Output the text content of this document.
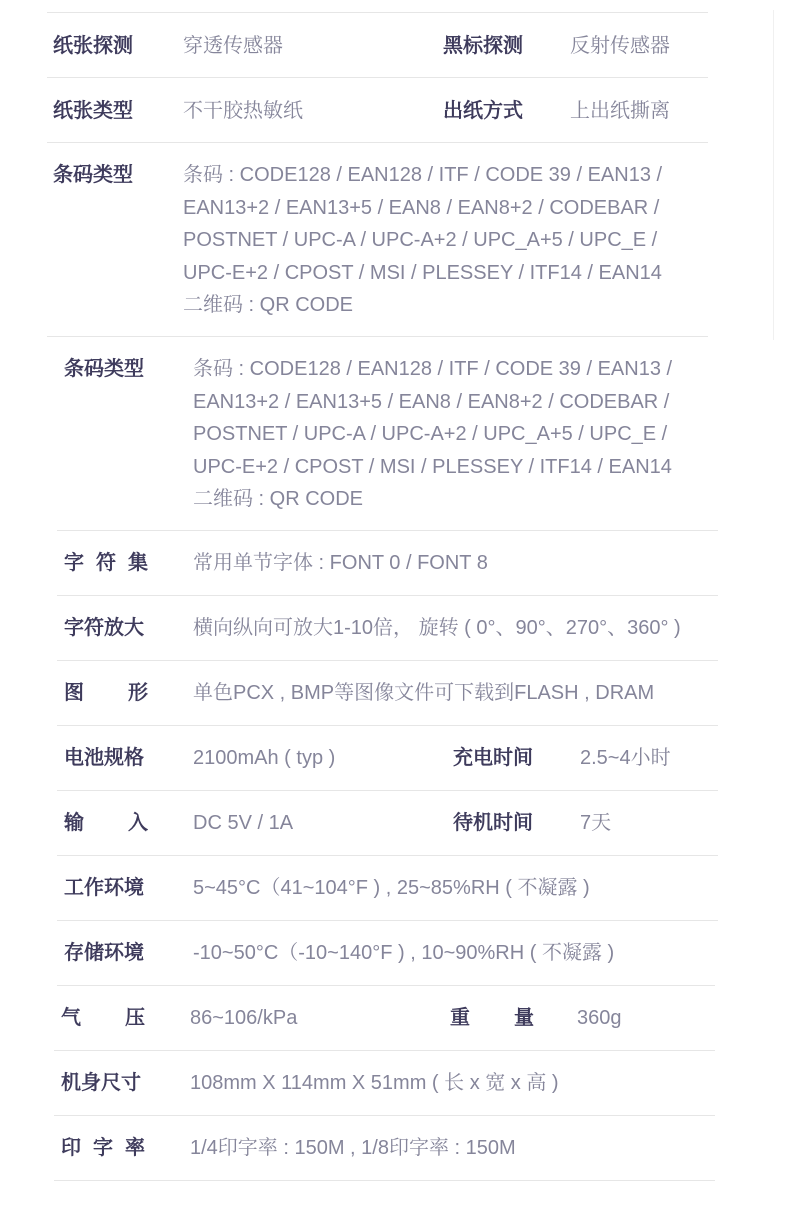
纸张探测	穿透传感器	黑标探测 反射传感器
纸张类型	不干胶热敏纸	出纸方式 上出纸撕离
条码类型	条码 : CODE128 / EAN128 / ITF / CODE 39 / EAN13 /
EAN13+2 / EAN13+5 / EAN8 / EAN8+2 / CODEBAR /
POSTNET / UPC-A / UPC-A+2 / UPC_A+5 / UPC_E /
UPC-E+2 / CPOST / MSI / PLESSEY / ITF14 / EAN14
二维码 : QR CODE
条码类型 条码 : CODE128 / EAN128 / ITF / CODE 39 / EAN13 /
EAN13+2 / EAN13+5 / EAN8 / EAN8+2 / CODEBAR /
POSTNET / UPC-A / UPC-A+2 / UPC_A+5 / UPC_E /
UPC-E+2 / CPOST / MSI / PLESSEY / ITF14 / EAN14
二维码 : QR CODE
字 符 集 常用单节字体 : FONT 0 / FONT 8
字符放大 横向纵向可放大1-10倍， 旋转 ( 0°、90°、270°、360° )
图 形 单色PCX , BMP等图像文件可下载到FLASH , DRAM
电池规格 2100mAh ( typ )	充电时间 2.5~4小时
输 入 DC 5V / 1A	待机时间 7天
工作环境 5~45°C（41~104°F ) , 25~85%RH ( 不凝露 )
存储环境 -10~50°C（-10~140°F ) , 10~90%RH ( 不凝露 )
气 压 86~106/kPa	重 量 360g
机身尺寸 108mm X 114mm X 51mm ( 长 x 宽 x 高 )
印 字 率 1/4印字率 : 150M , 1/8印字率 : 150M
